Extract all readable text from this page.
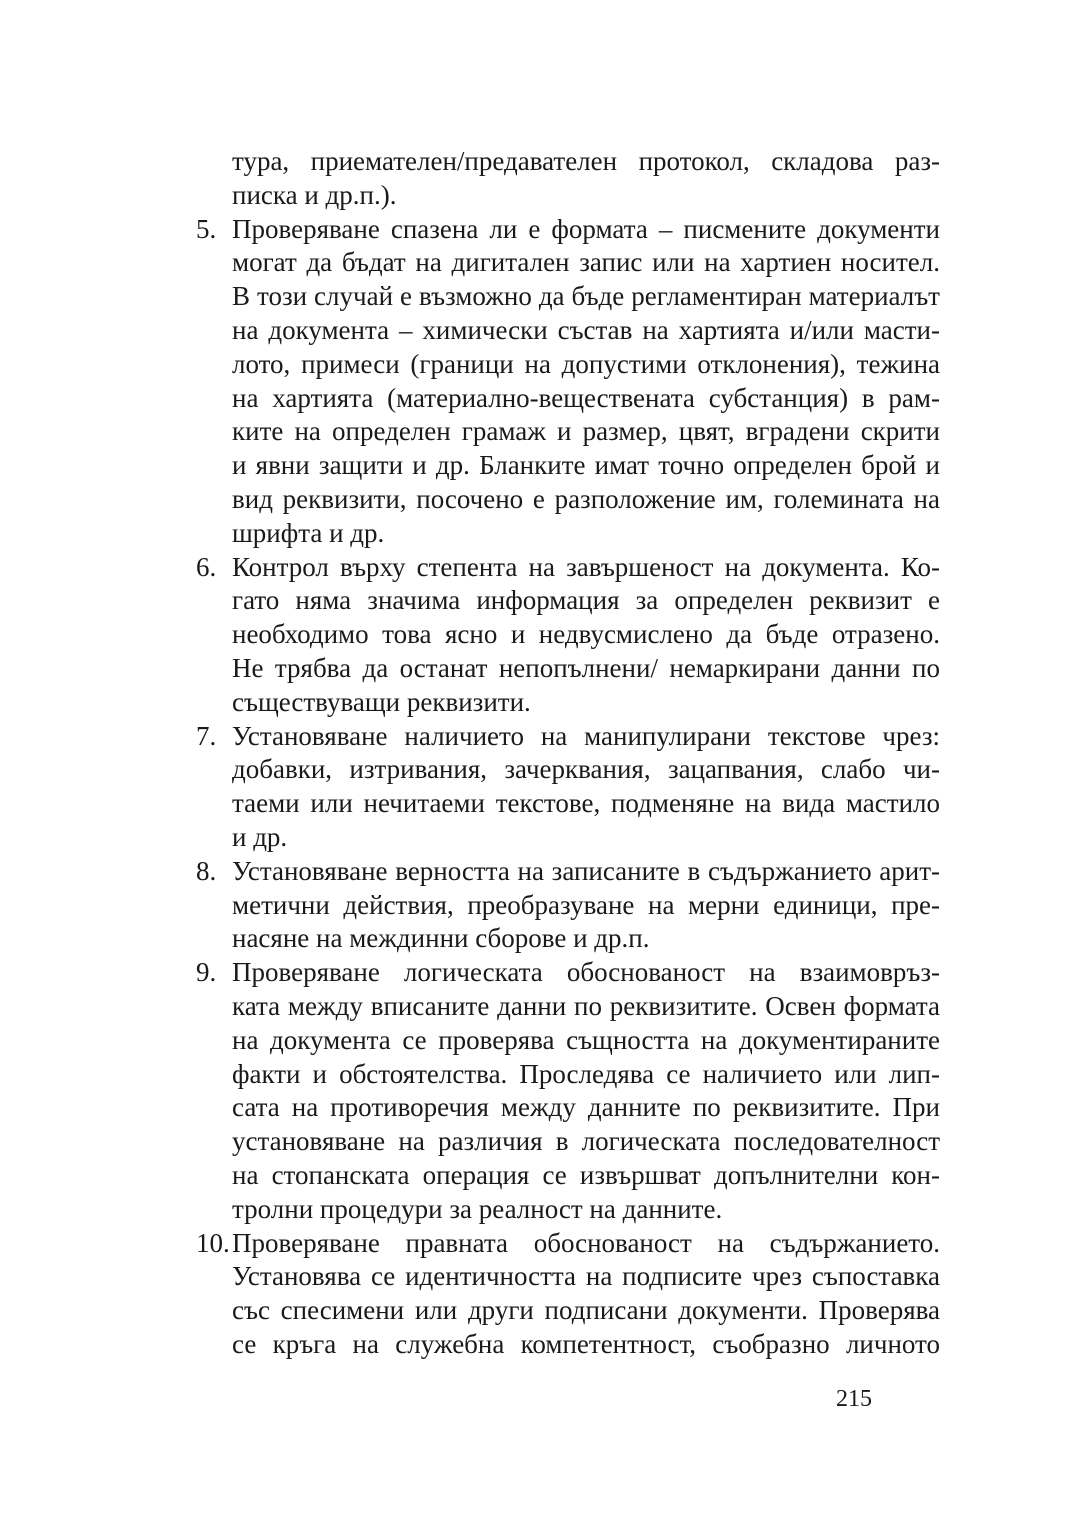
тура, приемателен/предавателен протокол, складова раз-
писка и др.п.).
5. Проверяване спазена ли е формата – писмените документи
могат да бъдат на дигитален запис или на хартиен носител.
В този случай е възможно да бъде регламентиран материалът
на документа – химически състав на хартията и/или масти-
лото, примеси (граници на допустими отклонения), тежина
на хартията (материално-веществената субстанция) в рам-
ките на определен грамаж и размер, цвят, вградени скрити
и явни защити и др. Бланките имат точно определен брой и
вид реквизити, посочено е разположение им, големината на
шрифта и др.
6. Контрол върху степента на завършеност на документа. Ко-
гато няма значима информация за определен реквизит е
необходимо това ясно и недвусмислено да бъде отразено.
Не трябва да останат непопълнени/ немаркирани данни по
съществуващи реквизити.
7. Установяване наличието на манипулирани текстове чрез:
добавки, изтривания, зачерквания, зацапвания, слабо чи-
таеми или нечитаеми текстове, подменяне на вида мастило
и др.
8. Установяване верността на записаните в съдържанието арит-
метични действия, преобразуване на мерни единици, пре-
насяне на междинни сборове и др.п.
9. Проверяване логическата обоснованост на взаимовръз-
ката между вписаните данни по реквизитите. Освен формата
на документа се проверява същността на документираните
факти и обстоятелства. Проследява се наличието или лип-
сата на противоречия между данните по реквизитите. При
установяване на различия в логическата последователност
на стопанската операция се извършват допълнителни кон-
тролни процедури за реалност на данните.
10.Проверяване правната обоснованост на съдържанието.
Установява се идентичността на подписите чрез съпоставка
със спесимени или други подписани документи. Проверява
се кръга на служебна компетентност, съобразно личното
215
